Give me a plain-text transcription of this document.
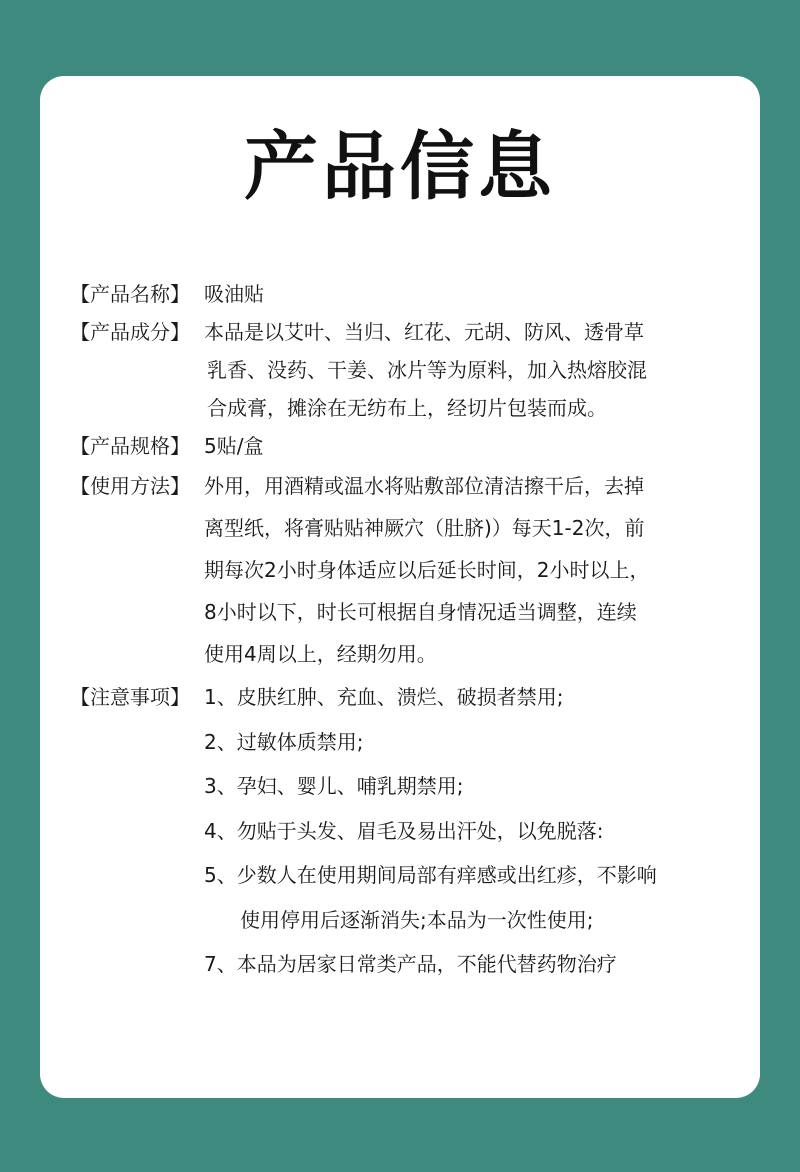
产品信息
【产品名称】 吸油贴
【产品成分】 本品是以艾叶、当归、红花、元胡、防风、透骨草
乳香、没药、干姜、冰片等为原料，加入热熔胶混
合成膏，摊涂在无纺布上，经切片包装而成。
【产品规格】 5贴/盒
【使用方法】 外用，用酒精或温水将贴敷部位清洁擦干后，去掉
离型纸，将膏贴贴神厥穴（肚脐)）每天1-2次，前
期每次2小时身体适应以后延长时间，2小时以上，
8小时以下，时长可根据自身情况适当调整，连续
使用4周以上，经期勿用。
【注意事项】 1、皮肤红肿、充血、溃烂、破损者禁用;
2、过敏体质禁用;
3、孕妇、婴儿、哺乳期禁用;
4、勿贴于头发、眉毛及易出汗处，以免脱落:
5、少数人在使用期间局部有痒感或出红疹，不影响
使用停用后逐渐消失;本品为一次性使用;
7、本品为居家日常类产品，不能代替药物治疗
